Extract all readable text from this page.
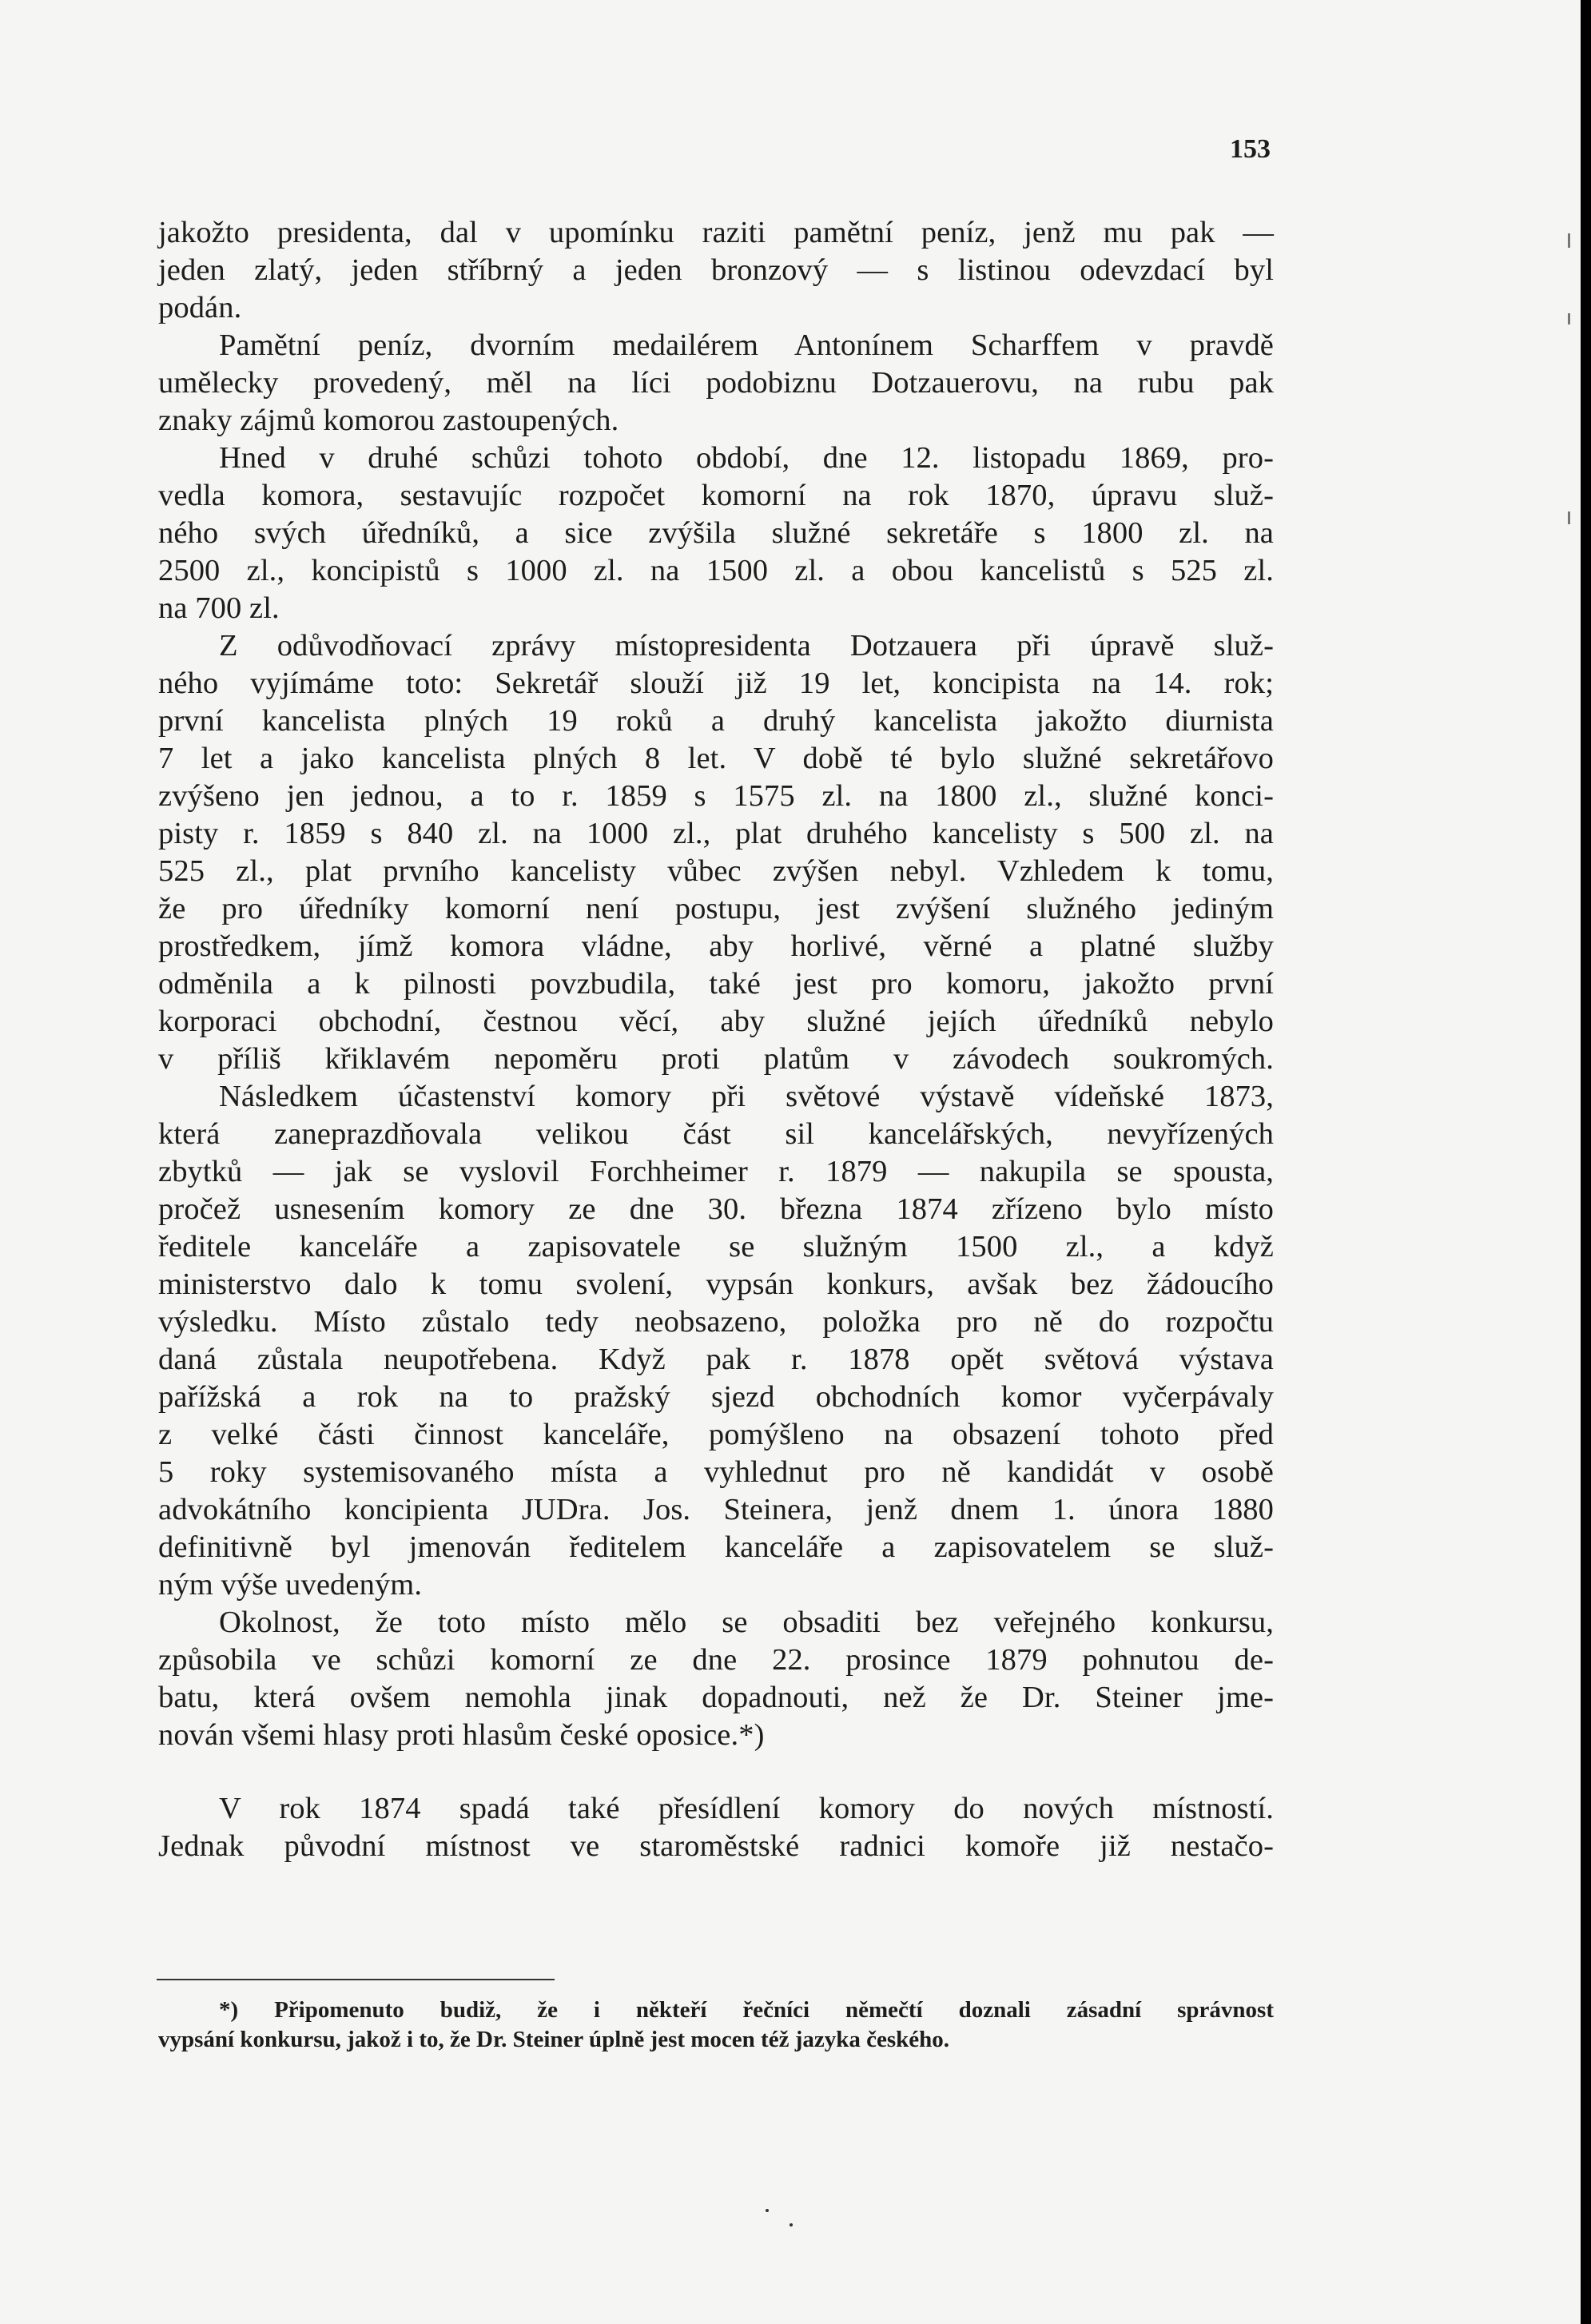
153
jakožto presidenta, dal v upomínku raziti pamětní peníz, jenž mu pak —
jeden zlatý, jeden stříbrný a jeden bronzový — s listinou odevzdací byl
podán.
Pamětní peníz, dvorním medailérem Antonínem Scharffem v pravdě
umělecky provedený, měl na líci podobiznu Dotzauerovu, na rubu pak
znaky zájmů komorou zastoupených.
Hned v druhé schůzi tohoto období, dne 12. listopadu 1869, pro-
vedla komora, sestavujíc rozpočet komorní na rok 1870, úpravu služ-
ného svých úředníků, a sice zvýšila služné sekretáře s 1800 zl. na
2500 zl., koncipistů s 1000 zl. na 1500 zl. a obou kancelistů s 525 zl.
na 700 zl.
Z odůvodňovací zprávy místopresidenta Dotzauera při úpravě služ-
ného vyjímáme toto: Sekretář slouží již 19 let, koncipista na 14. rok;
první kancelista plných 19 roků a druhý kancelista jakožto diurnista
7 let a jako kancelista plných 8 let. V době té bylo služné sekretářovo
zvýšeno jen jednou, a to r. 1859 s 1575 zl. na 1800 zl., služné konci-
pisty r. 1859 s 840 zl. na 1000 zl., plat druhého kancelisty s 500 zl. na
525 zl., plat prvního kancelisty vůbec zvýšen nebyl. Vzhledem k tomu,
že pro úředníky komorní není postupu, jest zvýšení služného jediným
prostředkem, jímž komora vládne, aby horlivé, věrné a platné služby
odměnila a k pilnosti povzbudila, také jest pro komoru, jakožto první
korporaci obchodní, čestnou věcí, aby služné jejích úředníků nebylo
v příliš křiklavém nepoměru proti platům v závodech soukromých.
Následkem účastenství komory při světové výstavě vídeňské 1873,
která zaneprazdňovala velikou část sil kancelářských, nevyřízených
zbytků — jak se vyslovil Forchheimer r. 1879 — nakupila se spousta,
pročež usnesením komory ze dne 30. března 1874 zřízeno bylo místo
ředitele kanceláře a zapisovatele se služným 1500 zl., a když
ministerstvo dalo k tomu svolení, vypsán konkurs, avšak bez žádoucího
výsledku. Místo zůstalo tedy neobsazeno, položka pro ně do rozpočtu
daná zůstala neupotřebena. Když pak r. 1878 opět světová výstava
pařížská a rok na to pražský sjezd obchodních komor vyčerpávaly
z velké části činnost kanceláře, pomýšleno na obsazení tohoto před
5 roky systemisovaného místa a vyhlednut pro ně kandidát v osobě
advokátního koncipienta JUDra. Jos. Steinera, jenž dnem 1. února 1880
definitivně byl jmenován ředitelem kanceláře a zapisovatelem se služ-
ným výše uvedeným.
Okolnost, že toto místo mělo se obsaditi bez veřejného konkursu,
způsobila ve schůzi komorní ze dne 22. prosince 1879 pohnutou de-
batu, která ovšem nemohla jinak dopadnouti, než že Dr. Steiner jme-
nován všemi hlasy proti hlasům české oposice.*)
V rok 1874 spadá také přesídlení komory do nových místností.
Jednak původní místnost ve staroměstské radnici komoře již nestačo-
*) Připomenuto budiž, že i někteří řečníci němečtí doznali zásadní správnost
vypsání konkursu, jakož i to, že Dr. Steiner úplně jest mocen též jazyka českého.
